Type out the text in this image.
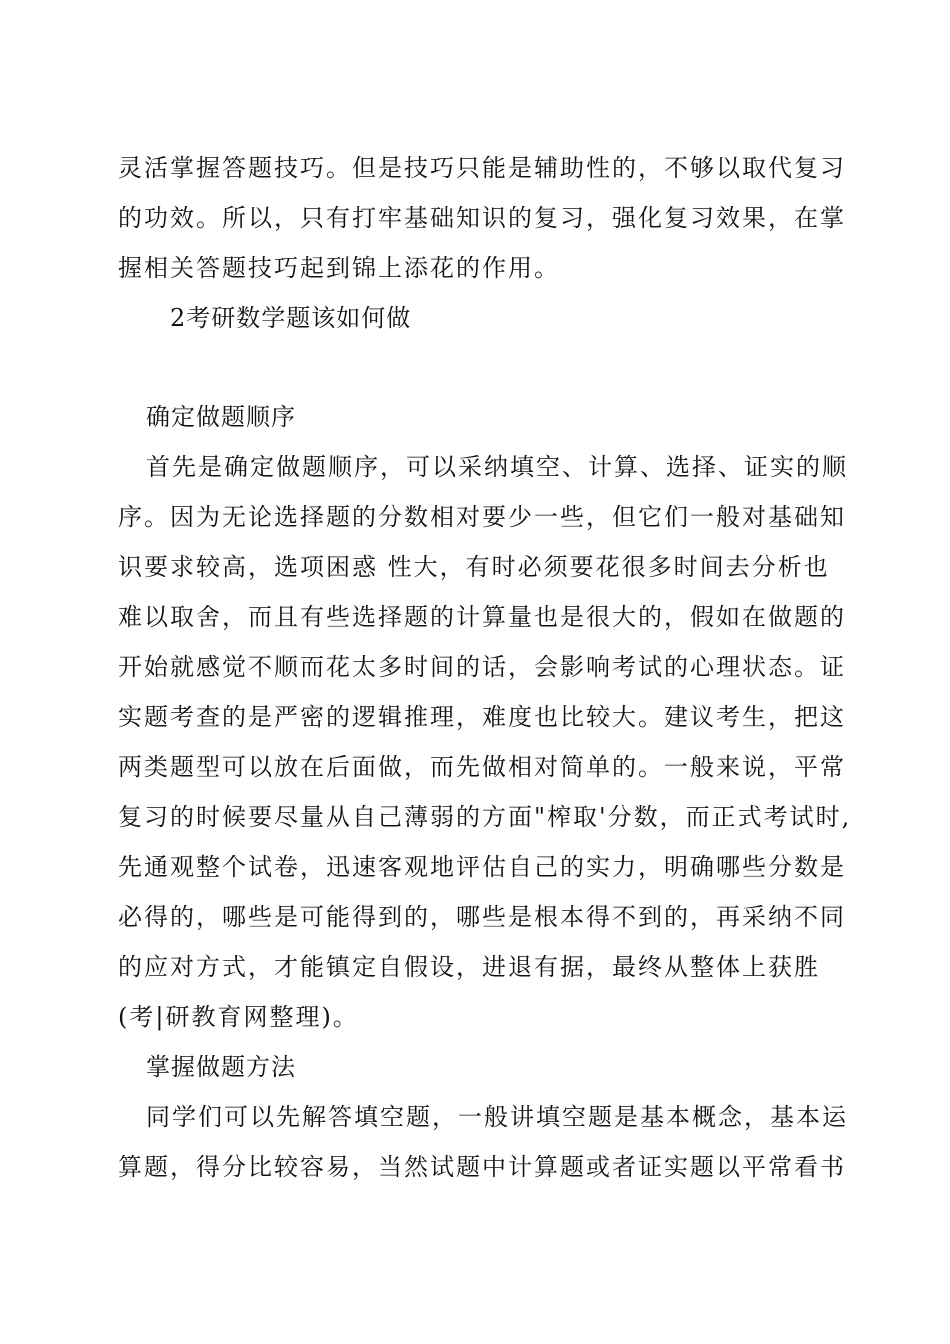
灵活掌握答题技巧。但是技巧只能是辅助性的，不够以取代复习
的功效。所以，只有打牢基础知识的复习，强化复习效果，在掌
握相关答题技巧起到锦上添花的作用。
2考研数学题该如何做
确定做题顺序
首先是确定做题顺序，可以采纳填空、计算、选择、证实的顺
序。因为无论选择题的分数相对要少一些，但它们一般对基础知
识要求较高，选项困惑 性大，有时必须要花很多时间去分析也
难以取舍，而且有些选择题的计算量也是很大的，假如在做题的
开始就感觉不顺而花太多时间的话，会影响考试的心理状态。证
实题考查的是严密的逻辑推理，难度也比较大。建议考生，把这
两类题型可以放在后面做，而先做相对简单的。一般来说，平常
复习的时候要尽量从自己薄弱的方面"榨取'分数，而正式考试时,
先通观整个试卷，迅速客观地评估自己的实力，明确哪些分数是
必得的，哪些是可能得到的，哪些是根本得不到的，再采纳不同
的应对方式，才能镇定自假设，进退有据，最终从整体上获胜
(考|研教育网整理)。
掌握做题方法
同学们可以先解答填空题，一般讲填空题是基本概念，基本运
算题，得分比较容易，当然试题中计算题或者证实题以平常看书
